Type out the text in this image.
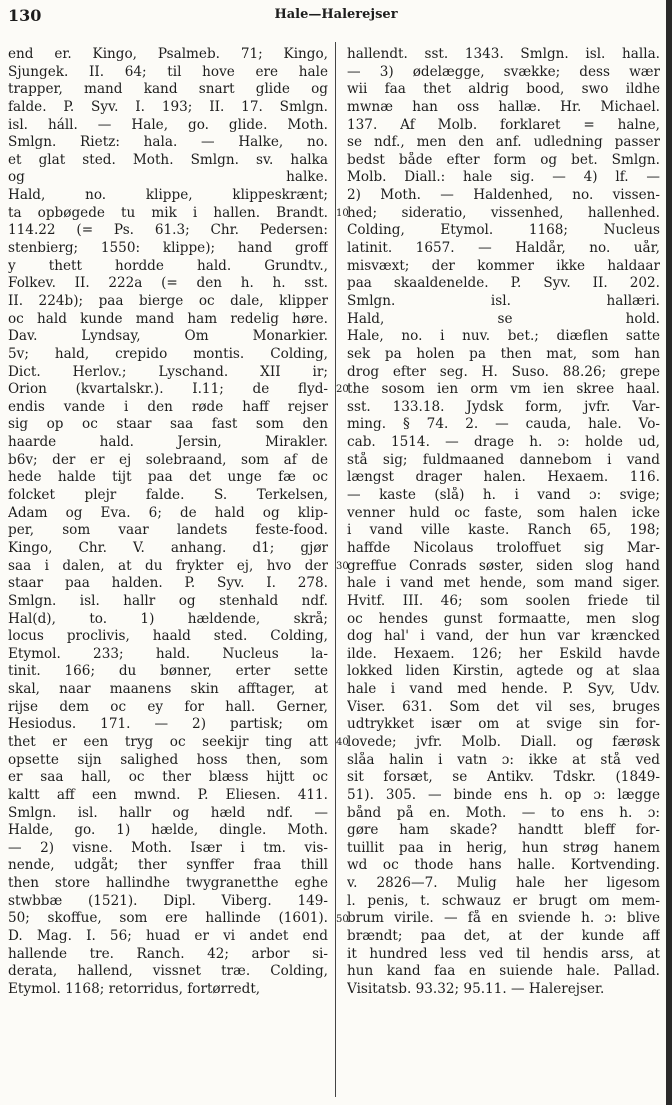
130	Hale—Halerejser
end er. Kingo, Psalmeb. 71; Kingo,
Sjungek. II. 64; til hove ere hale
trapper, mand kand snart glide og
falde. P. Syv. I. 193; II. 17. Smlgn.
isl. háll. — Hale, go. glide. Moth.
Smlgn. Rietz: hala. — Halke, no.
et glat sted. Moth. Smlgn. sv. halka
og halke.
Hald, no. klippe, klippeskrænt;
ta opbøgede tu mik i hallen. Brandt.
114.22 (= Ps. 61.3; Chr. Pedersen:
stenbierg; 1550: klippe); hand groff
y thett hordde hald. Grundtv.,
Folkev. II. 222a (= den h. h. sst.
II. 224b); paa bierge oc dale, klipper
oc hald kunde mand ham redelig høre.
Dav. Lyndsay, Om Monarkier.
5v; hald, crepido montis. Colding,
Dict. Herlov.; Lyschand. XII ir;
Orion (kvartalskr.). I.11; de flyd-
endis vande i den røde haff rejser
sig op oc staar saa fast som den
haarde hald. Jersin, Mirakler.
b6v; der er ej solebraand, som af de
hede halde tijt paa det unge fæ oc
folcket plejr falde. S. Terkelsen,
Adam og Eva. 6; de hald og klip-
per, som vaar landets feste-food.
Kingo, Chr. V. anhang. d1; gjør
saa i dalen, at du frykter ej, hvo der
staar paa halden. P. Syv. I. 278.
Smlgn. isl. hallr og stenhald ndf.
Hal(d), to. 1) hældende, skrå;
locus proclivis, haald sted. Colding,
Etymol. 233; hald. Nucleus la-
tinit. 166; du bønner, erter sette
skal, naar maanens skin afftager, at
rijse dem oc ey for hall. Gerner,
Hesiodus. 171. — 2) partisk; om
thet er een tryg oc seekijr ting att
opsette sijn salighed hoss then, som
er saa hall, oc ther blæss hijtt oc
kaltt aff een mwnd. P. Eliesen. 411.
Smlgn. isl. hallr og hæld ndf. —
Halde, go. 1) hælde, dingle. Moth.
— 2) visne. Moth. Især i tm. vis-
nende, udgåt; ther synffer fraa thill
then store hallindhe twygranetthe eghe
stwbbæ (1521). Dipl. Viberg. 149-
50; skoffue, som ere hallinde (1601).
D. Mag. I. 56; huad er vi andet end
hallende tre. Ranch. 42; arbor si-
derata, hallend, vissnet træ. Colding,
Etymol. 1168; retorridus, fortørredt,
10
20
30
40
50
hallendt. sst. 1343. Smlgn. isl. halla.
— 3) ødelægge, svække; dess wær
wii faa thet aldrig bood, swo ildhe
mwnæ han oss hallæ. Hr. Michael.
137. Af Molb. forklaret = halne,
se ndf., men den anf. udledning passer
bedst både efter form og bet. Smlgn.
Molb. Diall.: hale sig. — 4) lf. —
2) Moth. — Haldenhed, no. vissen-
hed; sideratio, vissenhed, hallenhed.
Colding, Etymol. 1168; Nucleus
latinit. 1657. — Haldår, no. uår,
misvæxt; der kommer ikke haldaar
paa skaaldenelde. P. Syv. II. 202.
Smlgn. isl. hallæri.
Hald, se hold.
Hale, no. i nuv. bet.; diæflen satte
sek pa holen pa then mat, som han
drog efter seg. H. Suso. 88.26; grepe
the sosom ien orm vm ien skree haal.
sst. 133.18. Jydsk form, jvfr. Var-
ming. § 74. 2. — cauda, hale. Vo-
cab. 1514. — drage h. ɔ: holde ud,
stå sig; fuldmaaned dannebom i vand
længst drager halen. Hexaem. 116.
— kaste (slå) h. i vand ɔ: svige;
venner huld oc faste, som halen icke
i vand ville kaste. Ranch 65, 198;
haffde Nicolaus troloffuet sig Mar-
greffue Conrads søster, siden slog hand
hale i vand met hende, som mand siger.
Hvitf. III. 46; som soolen friede til
oc hendes gunst formaatte, men slog
dog hal' i vand, der hun var kræncked
ilde. Hexaem. 126; her Eskild havde
lokked liden Kirstin, agtede og at slaa
hale i vand med hende. P. Syv, Udv.
Viser. 631. Som det vil ses, bruges
udtrykket især om at svige sin for-
lovede; jvfr. Molb. Diall. og færøsk
slåa halin i vatn ɔ: ikke at stå ved
sit forsæt, se Antikv. Tdskr. (1849-
51). 305. — binde ens h. op ɔ: lægge
bånd på en. Moth. — to ens h. ɔ:
gøre ham skade? handtt bleff for-
tuillit paa in herig, hun strøg hanem
wd oc thode hans halle. Kortvending.
v. 2826—7. Mulig hale her ligesom
l. penis, t. schwauz er brugt om mem-
brum virile. — få en sviende h. ɔ: blive
brændt; paa det, at der kunde aff
it hundred less ved til hendis arss, at
hun kand faa en suiende hale. Pallad.
Visitatsb. 93.32; 95.11. — Halerejser.
